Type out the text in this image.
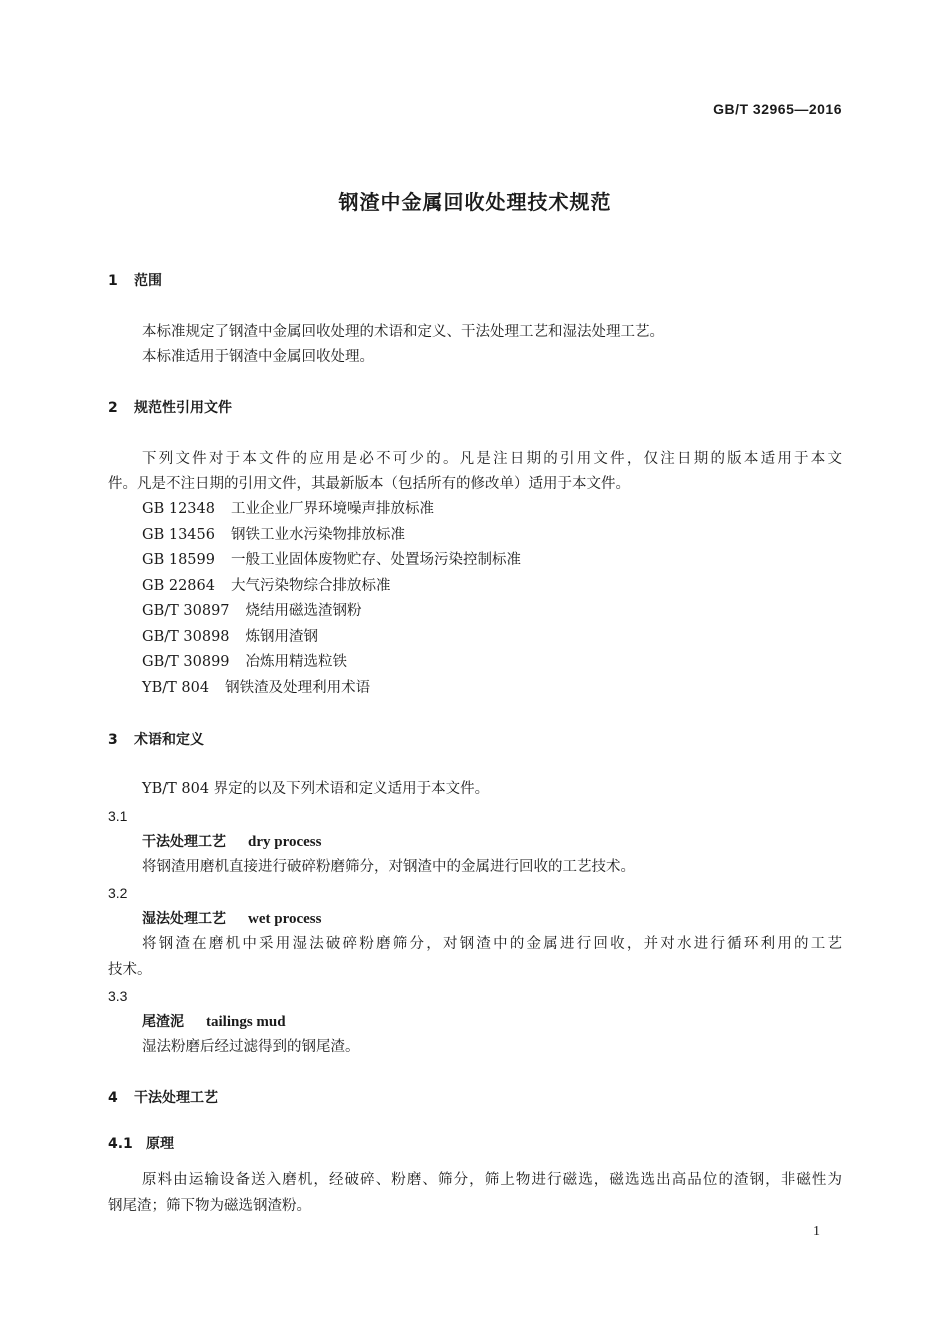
GB/T 32965—2016
钢渣中金属回收处理技术规范
1 范围
本标准规定了钢渣中金属回收处理的术语和定义、干法处理工艺和湿法处理工艺。
本标准适用于钢渣中金属回收处理。
2 规范性引用文件
下列文件对于本文件的应用是必不可少的。凡是注日期的引用文件，仅注日期的版本适用于本文
件。凡是不注日期的引用文件，其最新版本（包括所有的修改单）适用于本文件。
GB 12348 工业企业厂界环境噪声排放标准
GB 13456 钢铁工业水污染物排放标准
GB 18599 一般工业固体废物贮存、处置场污染控制标准
GB 22864 大气污染物综合排放标准
GB/T 30897 烧结用磁选渣钢粉
GB/T 30898 炼钢用渣钢
GB/T 30899 冶炼用精选粒铁
YB/T 804 钢铁渣及处理利用术语
3 术语和定义
YB/T 804 界定的以及下列术语和定义适用于本文件。
3.1
干法处理工艺 dry process
将钢渣用磨机直接进行破碎粉磨筛分，对钢渣中的金属进行回收的工艺技术。
3.2
湿法处理工艺 wet process
将钢渣在磨机中采用湿法破碎粉磨筛分，对钢渣中的金属进行回收，并对水进行循环利用的工艺
技术。
3.3
尾渣泥 tailings mud
湿法粉磨后经过滤得到的钢尾渣。
4 干法处理工艺
4.1 原理
原料由运输设备送入磨机，经破碎、粉磨、筛分，筛上物进行磁选，磁选选出高品位的渣钢，非磁性为
钢尾渣；筛下物为磁选钢渣粉。
1
